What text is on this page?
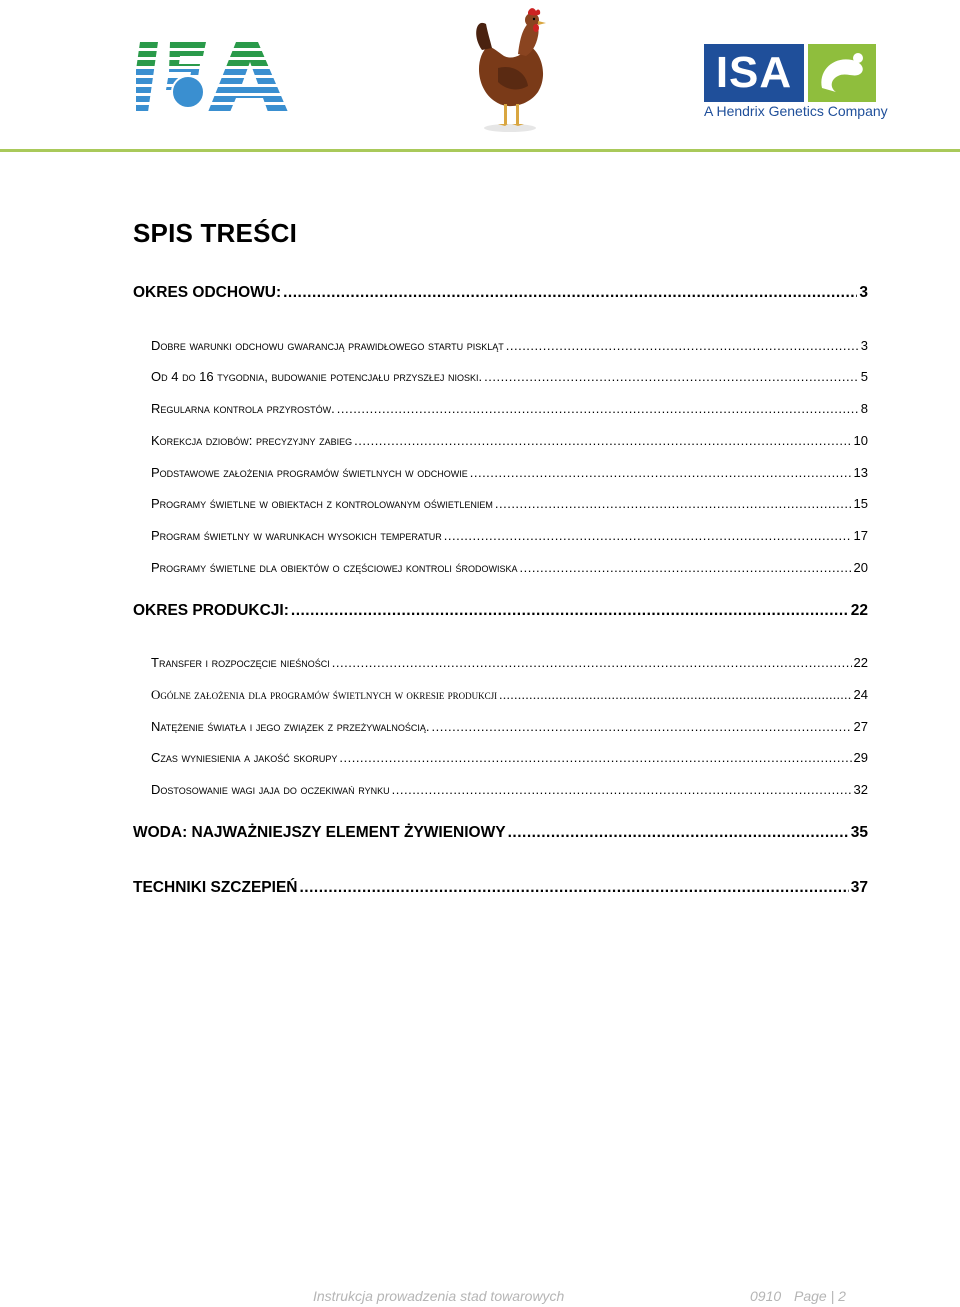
ISA
A Hendrix Genetics Company
SPIS TREŚCI
OKRES ODCHOWU: .....	3
Dobre warunki odchowu gwarancją prawidłowego startu piskląt .....	3
Od 4 do 16 tygodnia, budowanie potencjału przyszłej nioski. .....	5
Regularna kontrola przyrostów. .....	8
Korekcja dziobów: precyzyjny zabieg .....	10
Podstawowe założenia programów świetlnych w odchowie .....	13
Programy świetlne w obiektach z kontrolowanym oświetleniem .....	15
Program świetlny w warunkach wysokich temperatur .....	17
Programy świetlne dla obiektów o częściowej kontroli środowiska .....	20
OKRES PRODUKCJI: .....	22
Transfer i rozpoczęcie nieśności .....	22
Ogólne założenia dla programów świetlnych w okresie produkcji .....	24
Natężenie światła i jego związek z przeżywalnością. .....	27
Czas wyniesienia a jakość skorupy .....	29
Dostosowanie wagi jaja do oczekiwań rynku .....	32
WODA: NAJWAŻNIEJSZY ELEMENT ŻYWIENIOWY .....	35
TECHNIKI SZCZEPIEŃ .....	37
Instrukcja prowadzenia stad towarowych	0910 Page | 2
